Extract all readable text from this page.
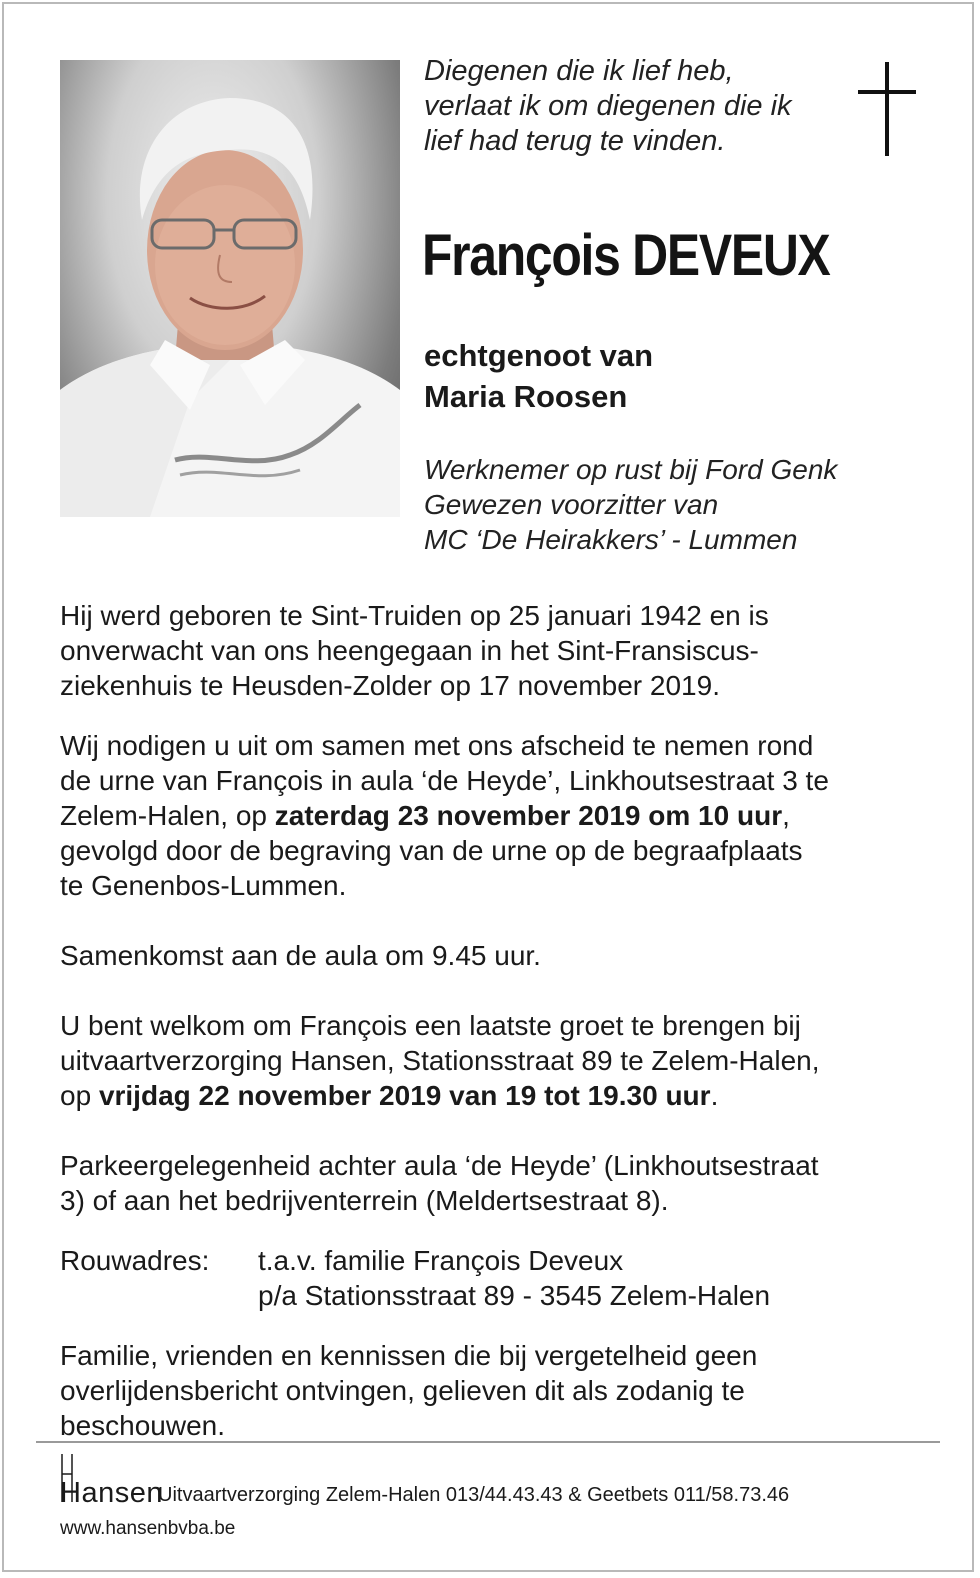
Diegenen die ik lief heb,
verlaat ik om diegenen die ik
lief had terug te vinden.
François DEVEUX
echtgenoot van
Maria Roosen
Werknemer op rust bij Ford Genk
Gewezen voorzitter van
MC ‘De Heirakkers’ - Lummen
Hij werd geboren te Sint-Truiden op 25 januari 1942 en is
onverwacht van ons heengegaan in het Sint-Fransiscus-
ziekenhuis te Heusden-Zolder op 17 november 2019.
Wij nodigen u uit om samen met ons afscheid te nemen rond
de urne van François in aula ‘de Heyde’, Linkhoutsestraat 3 te
Zelem-Halen, op zaterdag 23 november 2019 om 10 uur,
gevolgd door de begraving van de urne op de begraafplaats
te Genenbos-Lummen.
Samenkomst aan de aula om 9.45 uur.
U bent welkom om François een laatste groet te brengen bij
uitvaartverzorging Hansen, Stationsstraat 89 te Zelem-Halen,
op vrijdag 22 november 2019 van 19 tot 19.30 uur.
Parkeergelegenheid achter aula ‘de Heyde’ (Linkhoutsestraat
3) of aan het bedrijventerrein (Meldertsestraat 8).
Rouwadres: t.a.v. familie François Deveux
p/a Stationsstraat 89 - 3545 Zelem-Halen
Familie, vrienden en kennissen die bij vergetelheid geen
overlijdensbericht ontvingen, gelieven dit als zodanig te
beschouwen.
Hansen
Uitvaartverzorging Zelem-Halen 013/44.43.43 & Geetbets 011/58.73.46
www.hansenbvba.be
